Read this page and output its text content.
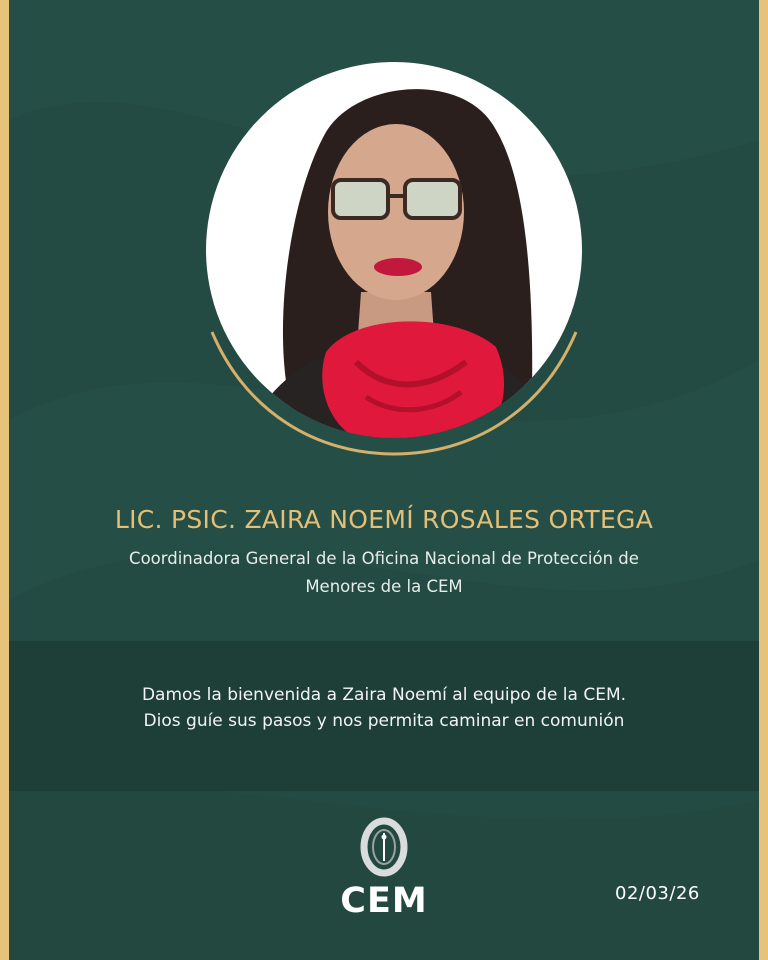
LIC. PSIC. ZAIRA NOEMÍ ROSALES ORTEGA
Coordinadora General de la Oficina Nacional de Protección de
Menores de la CEM
Damos la bienvenida a Zaira Noemí al equipo de la CEM.
Dios guíe sus pasos y nos permita caminar en comunión
CEM	02/03/26
